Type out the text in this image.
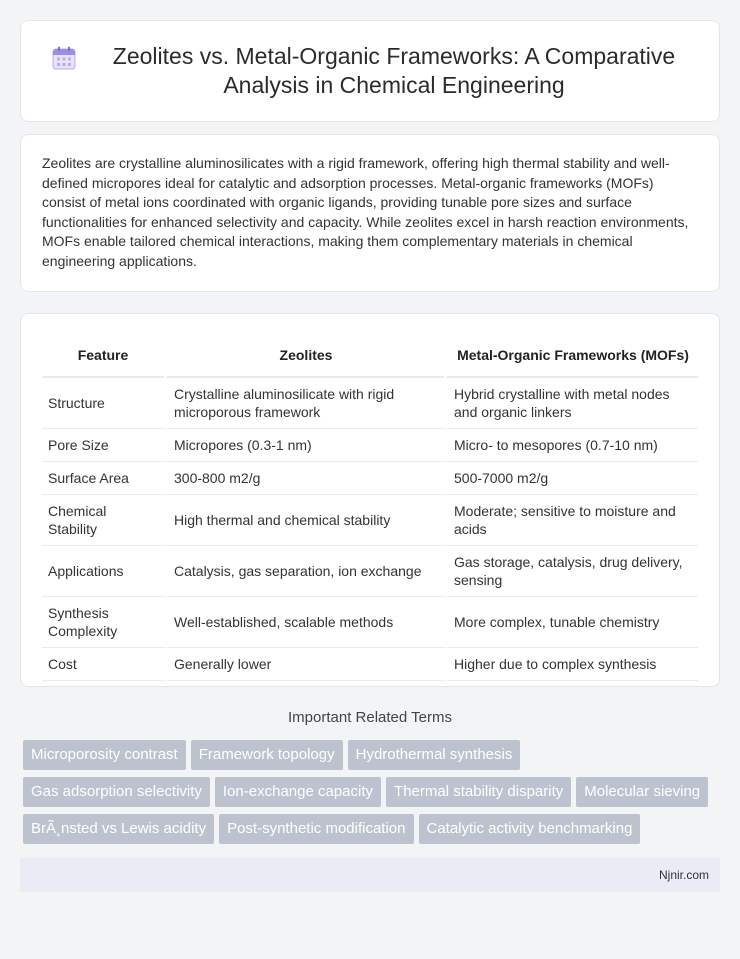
Zeolites vs. Metal-Organic Frameworks: A Comparative Analysis in Chemical Engineering

Zeolites are crystalline aluminosilicates with a rigid framework, offering high thermal stability and well-defined micropores ideal for catalytic and adsorption processes. Metal-organic frameworks (MOFs) consist of metal ions coordinated with organic ligands, providing tunable pore sizes and surface functionalities for enhanced selectivity and capacity. While zeolites excel in harsh reaction environments, MOFs enable tailored chemical interactions, making them complementary materials in chemical engineering applications.

Feature	Zeolites	Metal-Organic Frameworks (MOFs)
Structure	Crystalline aluminosilicate with rigid microporous framework	Hybrid crystalline with metal nodes and organic linkers
Pore Size	Micropores (0.3-1 nm)	Micro- to mesopores (0.7-10 nm)
Surface Area	300-800 m2/g	500-7000 m2/g
Chemical Stability	High thermal and chemical stability	Moderate; sensitive to moisture and acids
Applications	Catalysis, gas separation, ion exchange	Gas storage, catalysis, drug delivery, sensing
Synthesis Complexity	Well-established, scalable methods	More complex, tunable chemistry
Cost	Generally lower	Higher due to complex synthesis
Important Related Terms
Microporosity contrast	Framework topology	Hydrothermal synthesis
Gas adsorption selectivity	Ion-exchange capacity	Thermal stability disparity	Molecular sieving
BrÃ¸nsted vs Lewis acidity	Post-synthetic modification	Catalytic activity benchmarking
Njnir.com
